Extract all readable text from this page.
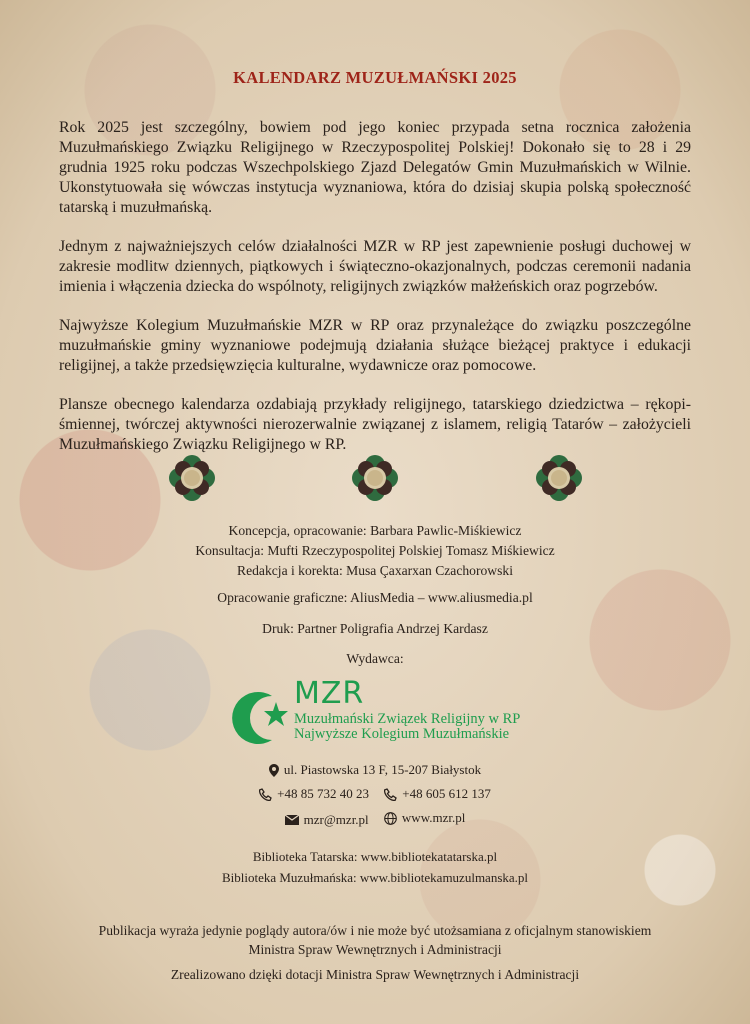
KALENDARZ MUZUŁMAŃSKI 2025

Rok 2025 jest szczególny, bowiem pod jego koniec przypada setna rocznica założenia Muzułmańskiego Związku Religijnego w Rzeczypospolitej Polskiej! Dokonało się to 28 i 29 grudnia 1925 roku podczas Wszechpolskiego Zjazd Delegatów Gmin Muzułmańskich w Wilnie. Ukonstytuowała się wówczas instytucja wyznaniowa, która do dzisiaj skupia polską społeczność tatarską i muzułmańską.

Jednym z najważniejszych celów działalności MZR w RP jest zapewnienie posługi duchowej w zakresie modlitw dziennych, piątkowych i świąteczno-okazjonalnych, podczas ceremonii nadania imienia i włączenia dziecka do wspólnoty, religijnych związków małżeńskich oraz pogrzebów.

Najwyższe Kolegium Muzułmańskie MZR w RP oraz przynależące do związku poszczególne muzułmańskie gminy wyznaniowe podejmują działania służące bieżącej praktyce i edukacji religijnej, a także przedsięwzięcia kulturalne, wydawnicze oraz pomocowe.

Plansze obecnego kalendarza ozdabiają przykłady religijnego, tatarskiego dziedzictwa – rękopiśmiennej, twórczej aktywności nierozerwalnie związanej z islamem, religią Tatarów – założycieli Muzułmańskiego Związku Religijnego w RP.

Koncepcja, opracowanie: Barbara Pawlic-Miśkiewicz
Konsultacja: Mufti Rzeczypospolitej Polskiej Tomasz Miśkiewicz
Redakcja i korekta: Musa Çaxarxan Czachorowski
Opracowanie graficzne: AliusMedia – www.aliusmedia.pl
Druk: Partner Poligrafia Andrzej Kardasz
Wydawca:
MZR
Muzułmański Związek Religijny w RP
Najwyższe Kolegium Muzułmańskie
ul. Piastowska 13 F, 15-207 Białystok
+48 85 732 40 23
	+48 605 612 137
mzr@mzr.pl
	www.mzr.pl
Biblioteka Tatarska: www.bibliotekatatarska.pl
Biblioteka Muzułmańska: www.bibliotekamuzulmanska.pl
Publikacja wyraża jedynie poglądy autora/ów i nie może być utożsamiana z oficjalnym stanowiskiem
Ministra Spraw Wewnętrznych i Administracji
Zrealizowano dzięki dotacji Ministra Spraw Wewnętrznych i Administracji
